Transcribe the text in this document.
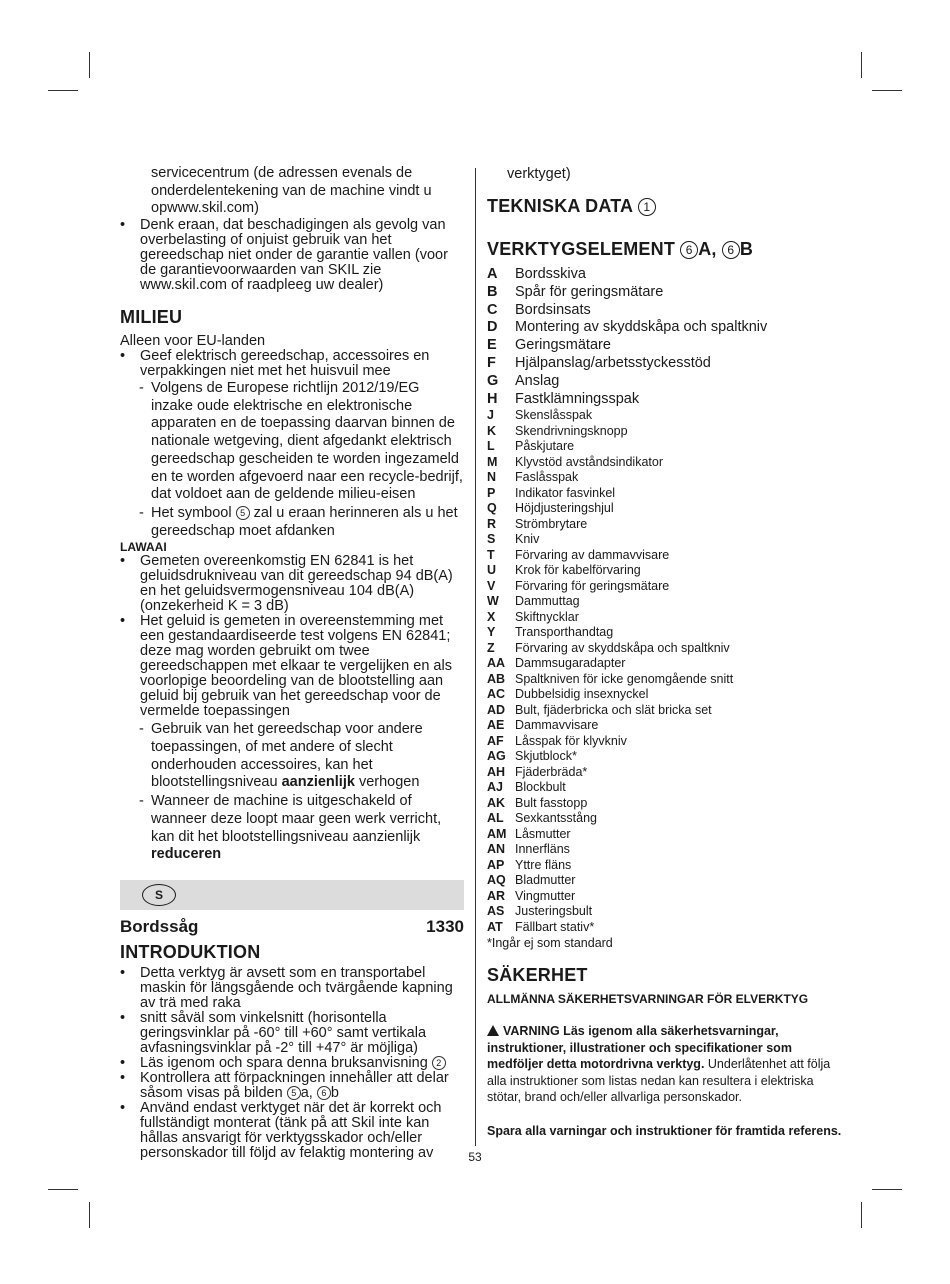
servicecentrum (de adressen evenals de
onderdelentekening van de machine vindt u
opwww.skil.com)
•	Denk eraan, dat beschadigingen als gevolg van overbelasting of onjuist gebruik van het gereedschap niet onder de garantie vallen (voor de garantievoorwaarden van SKIL zie www.skil.com of raadpleeg uw dealer)
MILIEU
Alleen voor EU-landen
•	Geef elektrisch gereedschap, accessoires en verpakkingen niet met het huisvuil mee
- Volgens de Europese richtlijn 2012/19/EG inzake oude elektrische en elektronische apparaten en de toepassing daarvan binnen de nationale wetgeving, dient afgedankt elektrisch gereedschap gescheiden te worden ingezameld en te worden afgevoerd naar een recycle-bedrijf, dat voldoet aan de geldende milieu-eisen
- Het symbool 5 zal u eraan herinneren als u het gereedschap moet afdanken
LAWAAI
•	Gemeten overeenkomstig EN 62841 is het geluidsdrukniveau van dit gereedschap 94 dB(A) en het geluidsvermogensniveau 104 dB(A) (onzekerheid K = 3 dB)
•	Het geluid is gemeten in overeenstemming met een gestandaardiseerde test volgens EN 62841; deze mag worden gebruikt om twee gereedschappen met elkaar te vergelijken en als voorlopige beoordeling van de blootstelling aan geluid bij gebruik van het gereedschap voor de vermelde toepassingen
- Gebruik van het gereedschap voor andere toepassingen, of met andere of slecht onderhouden accessoires, kan het blootstellingsniveau aanzienlijk verhogen
- Wanneer de machine is uitgeschakeld of wanneer deze loopt maar geen werk verricht, kan dit het blootstellingsniveau aanzienlijk reduceren
S
Bordssåg	1330
INTRODUKTION
•	Detta verktyg är avsett som en transportabel maskin för längsgående och tvärgående kapning av trä med raka
•	snitt såväl som vinkelsnitt (horisontella geringsvinklar på -60° till +60° samt vertikala avfasningsvinklar på -2° till +47° är möjliga)
•	Läs igenom och spara denna bruksanvisning 2
•	Kontrollera att förpackningen innehåller att delar såsom visas på bilden 5 a, 6 b
•	Använd endast verktyget när det är korrekt och fullständigt monterat (tänk på att Skil inte kan hållas ansvarigt för verktygsskador och/eller personskador till följd av felaktig montering av
verktyget)
TEKNISKA DATA 1
VERKTYGSELEMENT 6 A, 6 B
A	Bordsskiva
B	Spår för geringsmätare
C	Bordsinsats
D	Montering av skyddskåpa och spaltkniv
E	Geringsmätare
F	Hjälpanslag/arbetsstyckesstöd
G	Anslag
H	Fastklämningsspak
J	Skenslåsspak
K	Skendrivningsknopp
L	Påskjutare
M	Klyvstöd avståndsindikator
N	Faslåsspak
P	Indikator fasvinkel
Q	Höjdjusteringshjul
R	Strömbrytare
S	Kniv
T	Förvaring av dammavvisare
U	Krok för kabelförvaring
V	Förvaring för geringsmätare
W	Dammuttag
X	Skiftnycklar
Y	Transporthandtag
Z	Förvaring av skyddskåpa och spaltkniv
AA Dammsugaradapter
AB Spaltkniven för icke genomgående snitt
AC Dubbelsidig insexnyckel
AD Bult, fjäderbricka och slät bricka set
AE Dammavvisare
AF Låsspak för klyvkniv
AG Skjutblock*
AH Fjäderbräda*
AJ Blockbult
AK Bult fasstopp
AL Sexkantsstång
AM Låsmutter
AN Innerfläns
AP Yttre fläns
AQ Bladmutter
AR Vingmutter
AS Justeringsbult
AT Fällbart stativ*
*Ingår ej som standard
SÄKERHET
ALLMÄNNA SÄKERHETSVARNINGAR FÖR ELVERKTYG
VARNING Läs igenom alla säkerhetsvarningar, instruktioner, illustrationer och specifikationer som medföljer detta motordrivna verktyg. Underlåtenhet att följa alla instruktioner som listas nedan kan resultera i elektriska stötar, brand och/eller allvarliga personskador.
Spara alla varningar och instruktioner för framtida referens.
53
